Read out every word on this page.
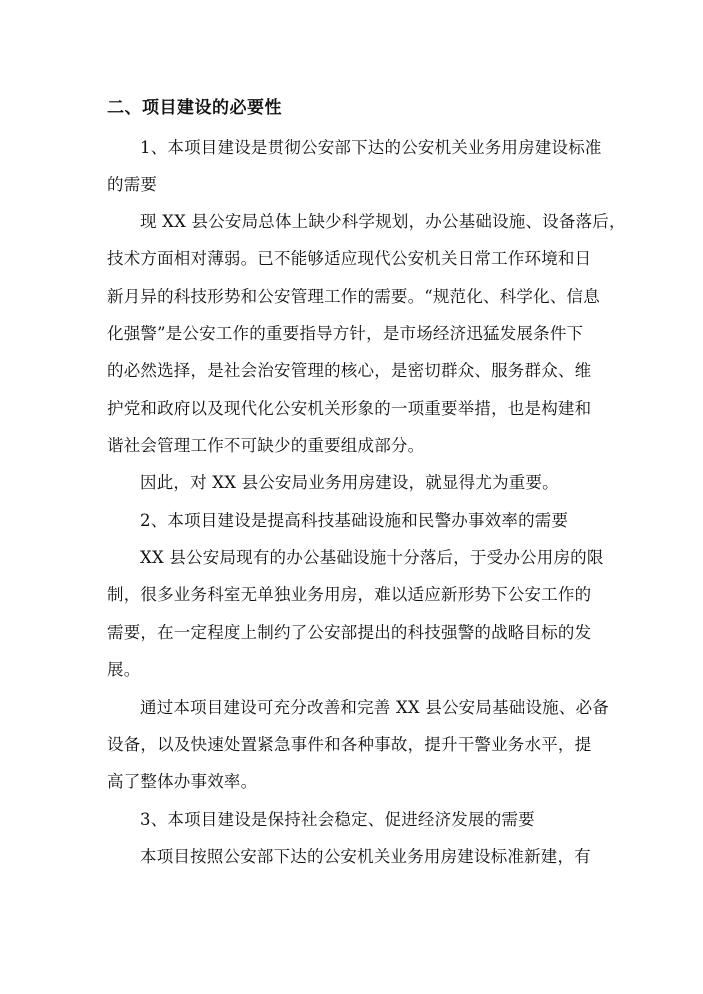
二、项目建设的必要性
1、本项目建设是贯彻公安部下达的公安机关业务用房建设标准
的需要
现 XX 县公安局总体上缺少科学规划，办公基础设施、设备落后，
技术方面相对薄弱。已不能够适应现代公安机关日常工作环境和日
新月异的科技形势和公安管理工作的需要。“规范化、科学化、信息
化强警”是公安工作的重要指导方针，是市场经济迅猛发展条件下
的必然选择，是社会治安管理的核心，是密切群众、服务群众、维
护党和政府以及现代化公安机关形象的一项重要举措，也是构建和
谐社会管理工作不可缺少的重要组成部分。
因此，对 XX 县公安局业务用房建设，就显得尤为重要。
2、本项目建设是提高科技基础设施和民警办事效率的需要
XX 县公安局现有的办公基础设施十分落后，于受办公用房的限
制，很多业务科室无单独业务用房，难以适应新形势下公安工作的
需要，在一定程度上制约了公安部提出的科技强警的战略目标的发
展。
通过本项目建设可充分改善和完善 XX 县公安局基础设施、必备
设备，以及快速处置紧急事件和各种事故，提升干警业务水平，提
高了整体办事效率。
3、本项目建设是保持社会稳定、促进经济发展的需要
本项目按照公安部下达的公安机关业务用房建设标准新建，有
